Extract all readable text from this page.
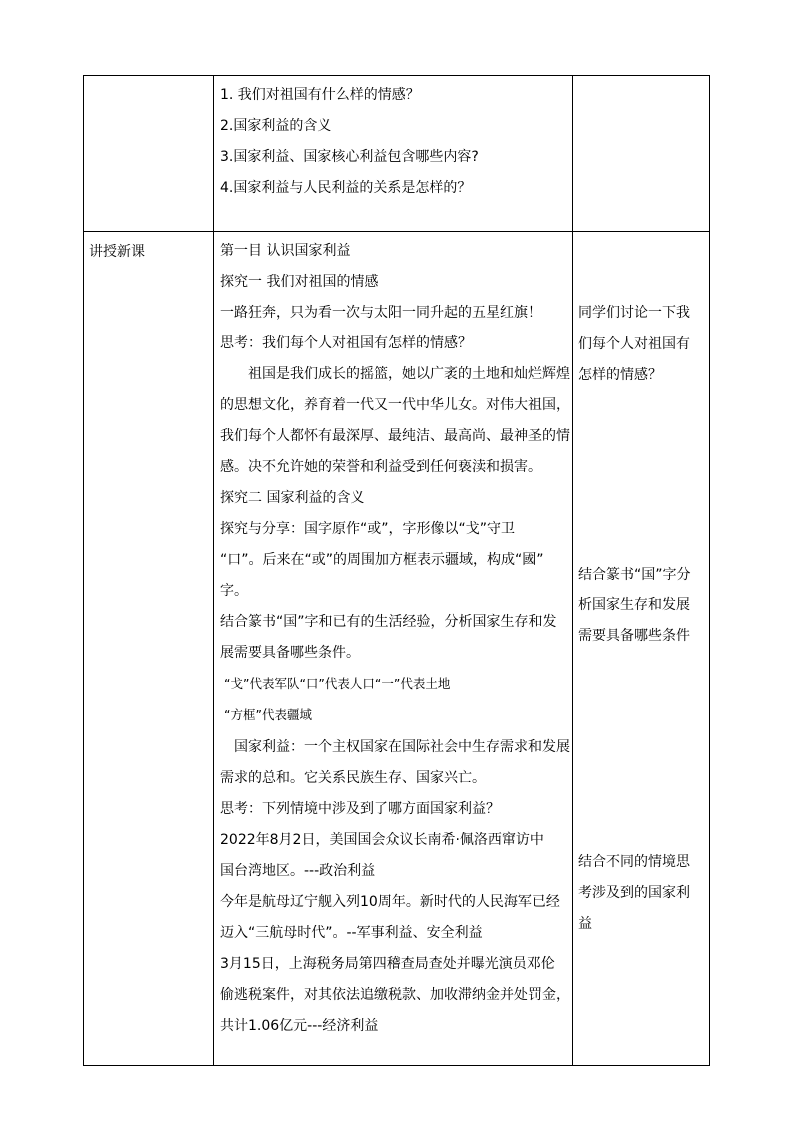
1. 我们对祖国有什么样的情感？
2.国家利益的含义
3.国家利益、国家核心利益包含哪些内容?
4.国家利益与人民利益的关系是怎样的？
讲授新课	第一目 认识国家利益
探究一 我们对祖国的情感
一路狂奔，只为看一次与太阳一同升起的五星红旗！
思考：我们每个人对祖国有怎样的情感？
祖国是我们成长的摇篮，她以广袤的土地和灿烂辉煌
的思想文化，养育着一代又一代中华儿女。对伟大祖国，
我们每个人都怀有最深厚、最纯洁、最高尚、最神圣的情
感。决不允许她的荣誉和利益受到任何亵渎和损害。
探究二 国家利益的含义
探究与分享：国字原作“或”，字形像以“戈”守卫
“口”。后来在“或”的周围加方框表示疆域，构成“國”
字。
结合篆书“国”字和已有的生活经验，分析国家生存和发
展需要具备哪些条件。
“戈”代表军队“口”代表人口“一”代表土地
“方框”代表疆域
国家利益：一个主权国家在国际社会中生存需求和发展
需求的总和。它关系民族生存、国家兴亡。
思考：下列情境中涉及到了哪方面国家利益？
2022年8月2日，美国国会众议长南希·佩洛西窜访中
国台湾地区。---政治利益
今年是航母辽宁舰入列10周年。新时代的人民海军已经
迈入“三航母时代”。--军事利益、安全利益
3月15日，上海税务局第四稽查局查处并曝光演员邓伦
偷逃税案件，对其依法追缴税款、加收滞纳金并处罚金，
共计1.06亿元---经济利益
同学们讨论一下我
们每个人对祖国有
怎样的情感？
结合篆书“国”字分
析国家生存和发展
需要具备哪些条件
结合不同的情境思
考涉及到的国家利
益
